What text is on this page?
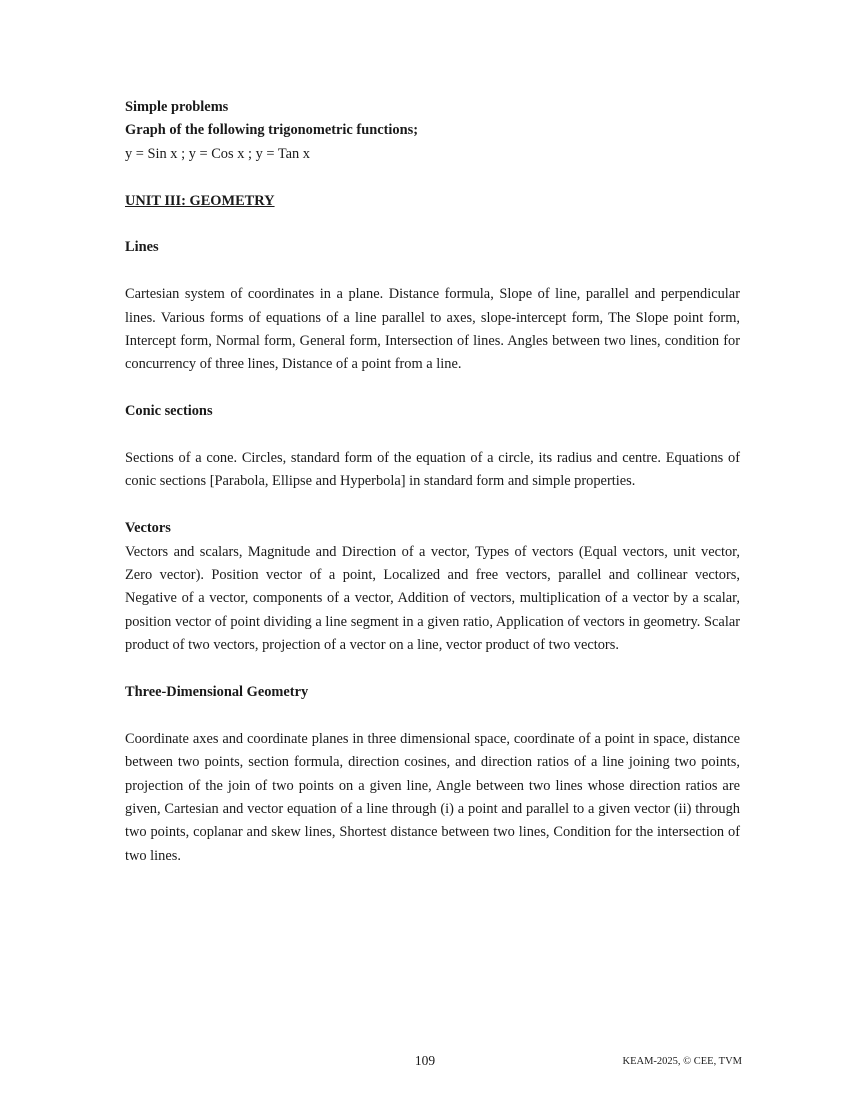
Simple problems
Graph of the following trigonometric functions;
y = Sin x ; y = Cos x ; y = Tan x
UNIT III: GEOMETRY
Lines
Cartesian system of coordinates in a plane. Distance formula, Slope of line, parallel and perpendicular lines. Various forms of equations of a line parallel to axes, slope-intercept form, The Slope point form, Intercept form, Normal form, General form, Intersection of lines. Angles between two lines, condition for concurrency of three lines, Distance of a point from a line.
Conic sections
Sections of a cone. Circles, standard form of the equation of a circle, its radius and centre. Equations of conic sections [Parabola, Ellipse and Hyperbola] in standard form and simple properties.
Vectors
Vectors and scalars, Magnitude and Direction of a vector, Types of vectors (Equal vectors, unit vector, Zero vector). Position vector of a point, Localized and free vectors, parallel and collinear vectors, Negative of a vector, components of a vector, Addition of vectors, multiplication of a vector by a scalar, position vector of point dividing a line segment in a given ratio, Application of vectors in geometry. Scalar product of two vectors, projection of a vector on a line, vector product of two vectors.
Three-Dimensional Geometry
Coordinate axes and coordinate planes in three dimensional space, coordinate of a point in space, distance between two points, section formula, direction cosines, and direction ratios of a line joining two points, projection of the join of two points on a given line, Angle between two lines whose direction ratios are given, Cartesian and vector equation of a line through (i) a point and parallel to a given vector (ii) through two points, coplanar and skew lines, Shortest distance between two lines, Condition for the intersection of two lines.
109	KEAM-2025, © CEE, TVM
